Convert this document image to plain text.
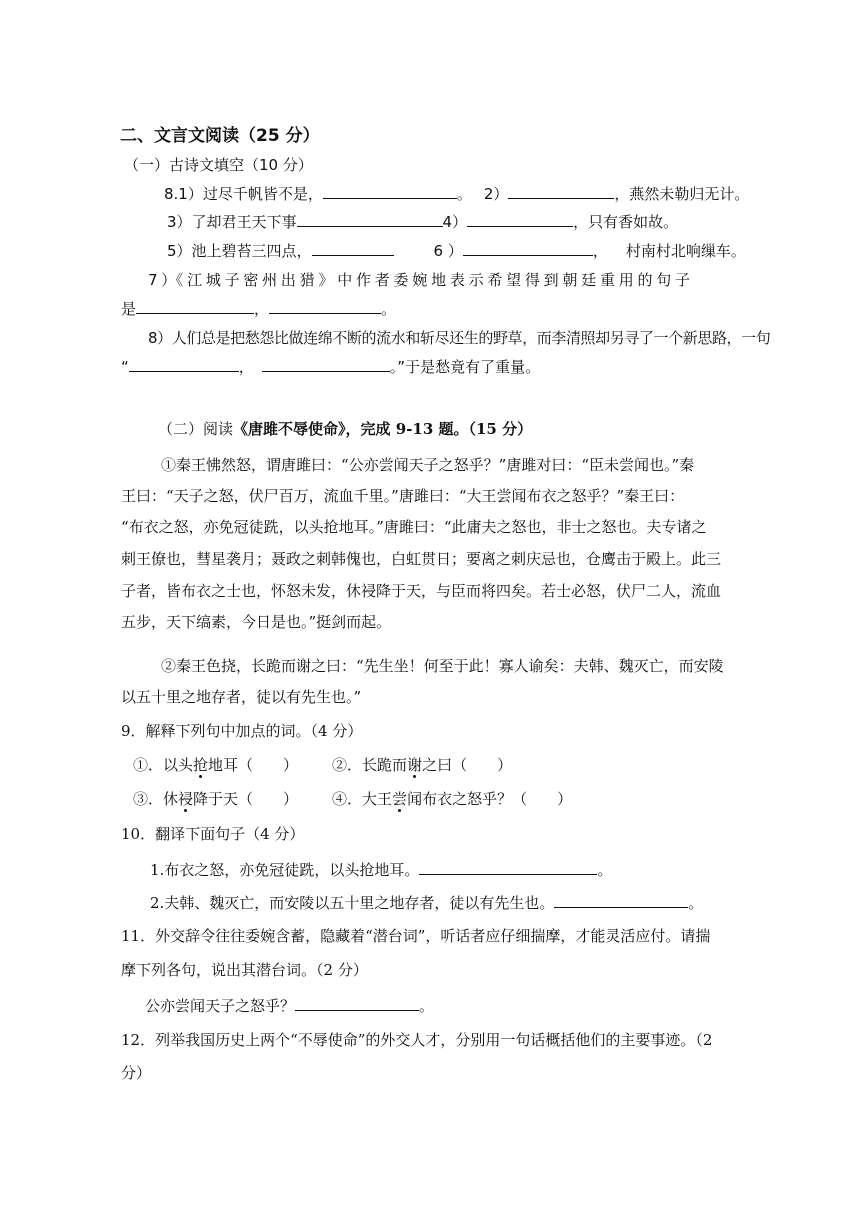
二、文言文阅读（25 分）
（一）古诗文填空（10 分）
8.1）过尽千帆皆不是，	。 2）	，燕然未勒归无计。
3）了却君王天下事	4）	，只有香如故。
5）池上碧苔三四点，	6 ）	， 村南村北响缫车。
7 ）《 江 城 子 密 州 出 猎 》 中 作 者 委 婉 地 表 示 希 望 得 到 朝 廷 重 用 的 句 子
是	，	。
8）人们总是把愁怨比做连绵不断的流水和斩尽还生的野草，而李清照却另寻了一个新思路，一句
“	，	。”于是愁竟有了重量。
（二）阅读《唐雎不辱使命》，完成 9-13 题。（15 分）
①秦王怫然怒，谓唐雎曰：“公亦尝闻天子之怒乎？”唐雎对曰：“臣未尝闻也。”秦
王曰：“天子之怒，伏尸百万，流血千里。”唐雎曰：“大王尝闻布衣之怒乎？”秦王曰：
“布衣之怒，亦免冠徒跣，以头抢地耳。”唐雎曰：“此庸夫之怒也，非士之怒也。夫专诸之
刺王僚也，彗星袭月；聂政之刺韩傀也，白虹贯日；要离之刺庆忌也，仓鹰击于殿上。此三
子者，皆布衣之士也，怀怒未发，休祲降于天，与臣而将四矣。若士必怒，伏尸二人，流血
五步，天下缟素，今日是也。”挺剑而起。
②秦王色挠，长跪而谢之曰：“先生坐！何至于此！寡人谕矣：夫韩、魏灭亡，而安陵
以五十里之地存者，徒以有先生也。”
9．解释下列句中加点的词。（4 分）
①．以头抢地耳（　　） ②．长跪而谢之曰（　　）
③．休祲降于天（　　） ④．大王尝闻布衣之怒乎？（　　）
10．翻译下面句子（4 分）
1.布衣之怒，亦免冠徒跣，以头抢地耳。	。
2.夫韩、魏灭亡，而安陵以五十里之地存者，徒以有先生也。	。
11．外交辞令往往委婉含蓄，隐藏着“潜台词”，听话者应仔细揣摩，才能灵活应付。请揣
摩下列各句，说出其潜台词。（2 分）
公亦尝闻天子之怒乎？	。
12．列举我国历史上两个“不辱使命”的外交人才，分别用一句话概括他们的主要事迹。（2
分）
